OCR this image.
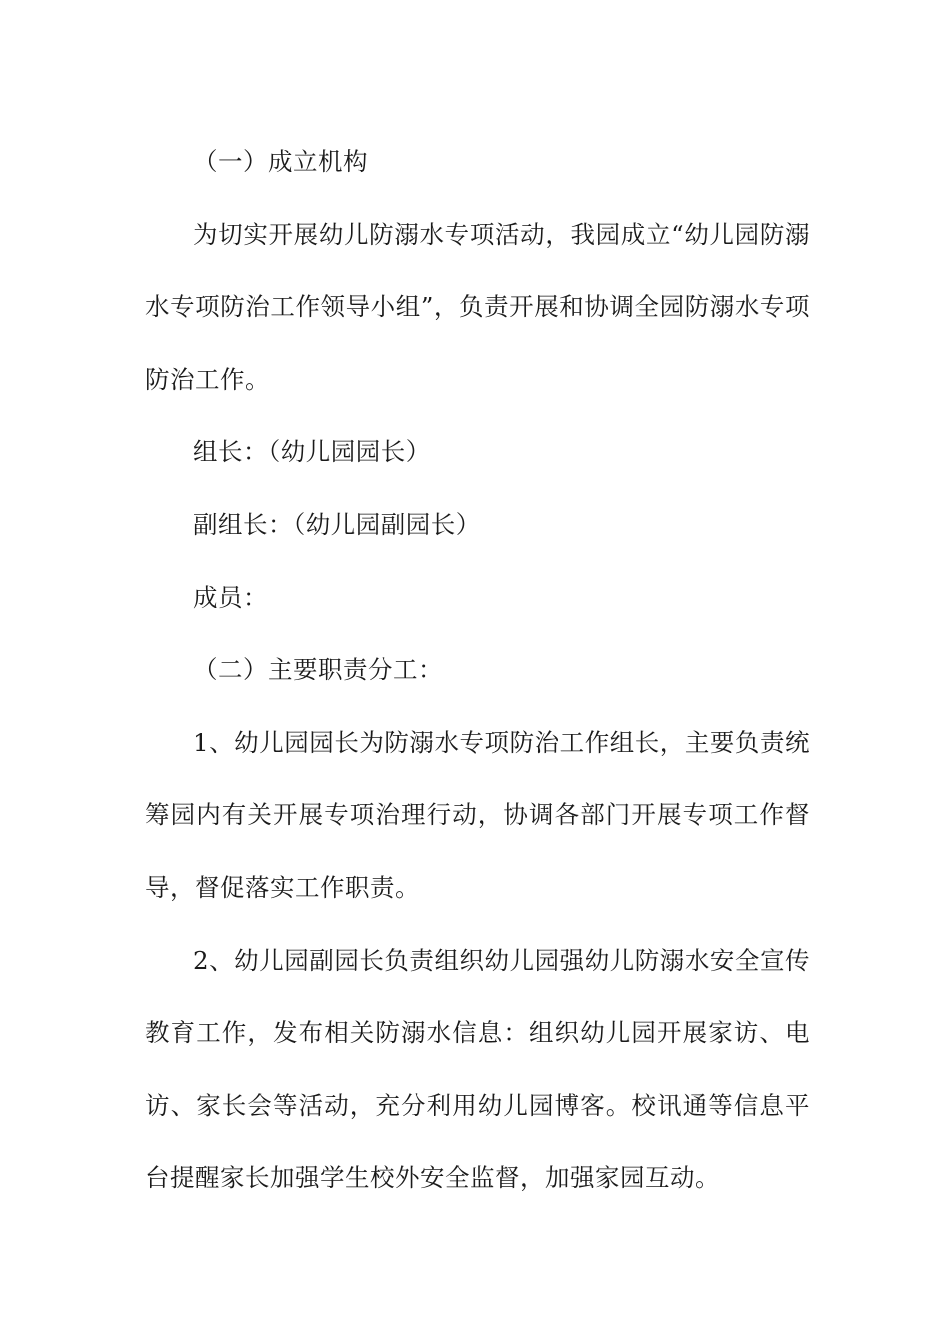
（一）成立机构

为切实开展幼儿防溺水专项活动，我园成立“幼儿园防溺水专项防治工作领导小组”，负责开展和协调全园防溺水专项防治工作。

组长：（幼儿园园长）

副组长：（幼儿园副园长）

成员：

（二）主要职责分工：

1、幼儿园园长为防溺水专项防治工作组长，主要负责统筹园内有关开展专项治理行动，协调各部门开展专项工作督导，督促落实工作职责。

2、幼儿园副园长负责组织幼儿园强幼儿防溺水安全宣传教育工作，发布相关防溺水信息：组织幼儿园开展家访、电访、家长会等活动，充分利用幼儿园博客。校讯通等信息平台提醒家长加强学生校外安全监督，加强家园互动。
